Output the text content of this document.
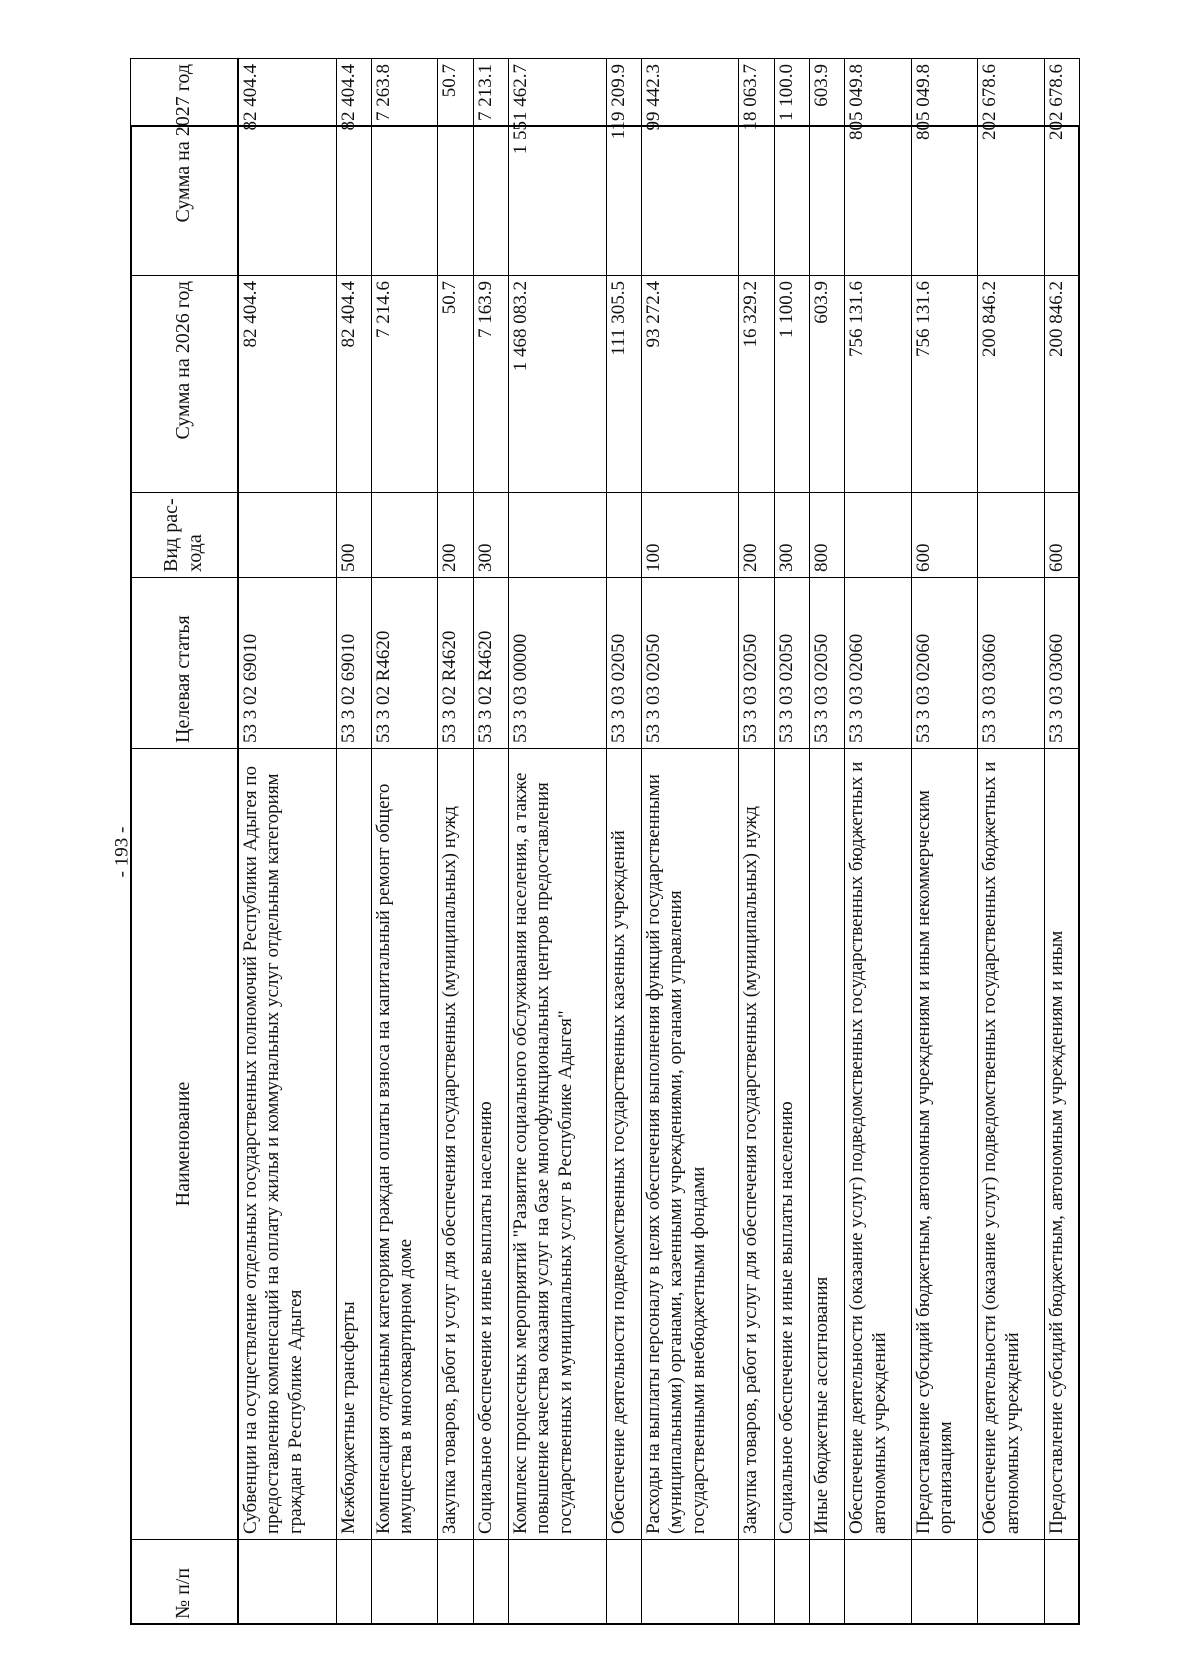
- 193 -
№ п/п	Наименование	Целевая статья	Вид рас-хода	Сумма на 2026 год	Сумма на 2027 год
	Субвенции на осуществление отдельных государственных полномочий Республики Адыгея по предоставлению компенсаций на оплату жилья и коммунальных услуг отдельным категориям граждан в Республике Адыгея	53 3 02 69010		82 404.4	82 404.4
	Межбюджетные трансферты	53 3 02 69010	500	82 404.4	82 404.4
	Компенсация отдельным категориям граждан оплаты взноса на капитальный ремонт общего имущества в многоквартирном доме	53 3 02 R4620		7 214.6	7 263.8
	Закупка товаров, работ и услуг для обеспечения государственных (муниципальных) нужд	53 3 02 R4620	200	50.7	50.7
	Социальное обеспечение и иные выплаты населению	53 3 02 R4620	300	7 163.9	7 213.1
	Комплекс процессных мероприятий "Развитие социального обслуживания населения, а также повышение качества оказания услуг на базе многофункциональных центров предоставления государственных и муниципальных услуг в Республике Адыгея"	53 3 03 00000		1 468 083.2	1 551 462.7
	Обеспечение деятельности подведомственных государственных казенных учреждений	53 3 03 02050		111 305.5	119 209.9
	Расходы на выплаты персоналу в целях обеспечения выполнения функций государственными (муниципальными) органами, казенными учреждениями, органами управления государственными внебюджетными фондами	53 3 03 02050	100	93 272.4	99 442.3
	Закупка товаров, работ и услуг для обеспечения государственных (муниципальных) нужд	53 3 03 02050	200	16 329.2	18 063.7
	Социальное обеспечение и иные выплаты населению	53 3 03 02050	300	1 100.0	1 100.0
	Иные бюджетные ассигнования	53 3 03 02050	800	603.9	603.9
	Обеспечение деятельности (оказание услуг) подведомственных государственных бюджетных и автономных учреждений	53 3 03 02060		756 131.6	805 049.8
	Предоставление субсидий бюджетным, автономным учреждениям и иным некоммерческим организациям	53 3 03 02060	600	756 131.6	805 049.8
	Обеспечение деятельности (оказание услуг) подведомственных государственных бюджетных и автономных учреждений	53 3 03 03060		200 846.2	202 678.6
	Предоставление субсидий бюджетным, автономным учреждениям и иным	53 3 03 03060	600	200 846.2	202 678.6
